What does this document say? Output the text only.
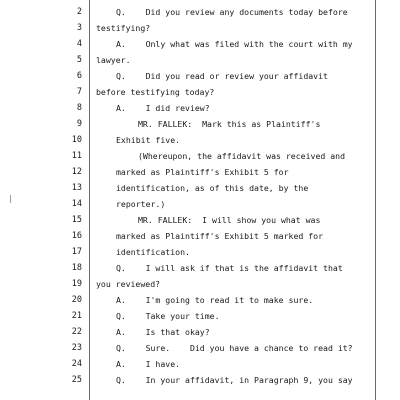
2	Q.    Did you review any documents today before
3 testifying?
4	A.    Only what was filed with the court with my
5 lawyer.
6	Q.    Did you read or review your affidavit
7 before testifying today?
8	A.    I did review?
9	MR. FALLEK:  Mark this as Plaintiff's
10	Exhibit five.
11	(Whereupon, the affidavit was received and
12	marked as Plaintiff's Exhibit 5 for
13	identification, as of this date, by the
14	reporter.)
15	MR. FALLEK:  I will show you what was
16	marked as Plaintiff's Exhibit 5 marked for
17	identification.
18	Q.    I will ask if that is the affidavit that
19 you reviewed?
20	A.    I'm going to read it to make sure.
21	Q.    Take your time.
22	A.    Is that okay?
23	Q.    Sure.    Did you have a chance to read it?
24	A.    I have.
25	Q.    In your affidavit, in Paragraph 9, you say
